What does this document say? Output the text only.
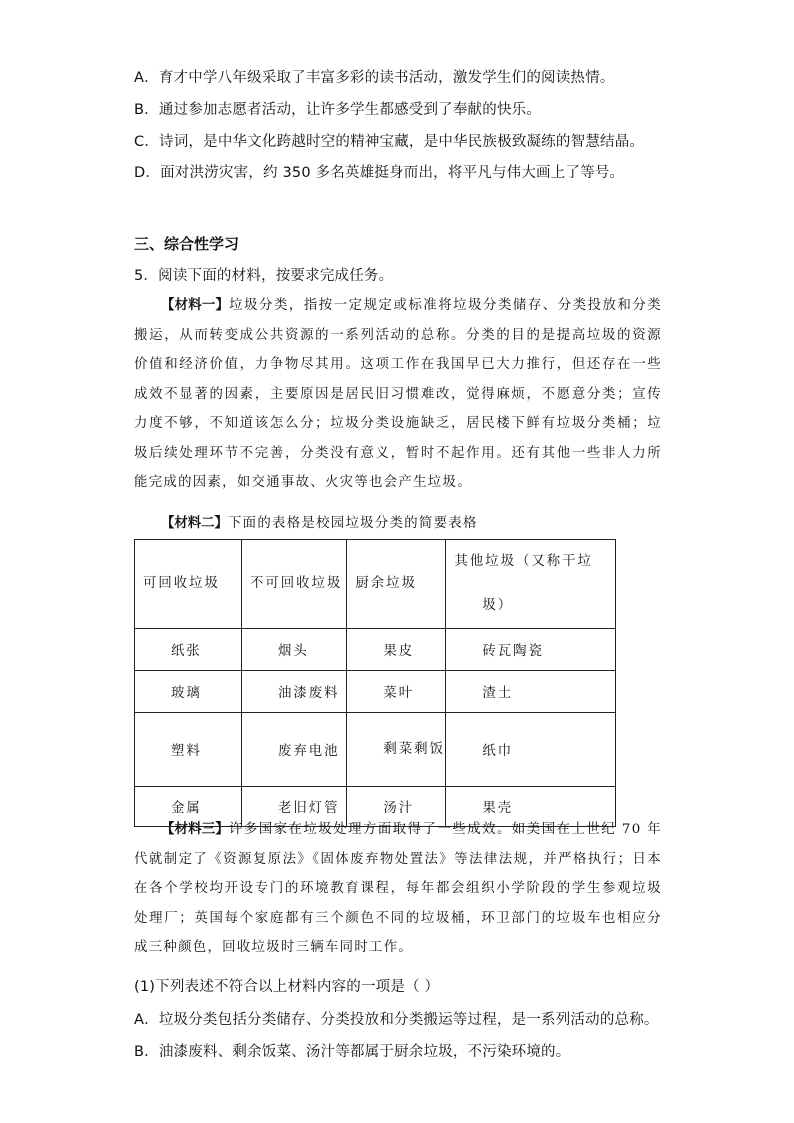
A．育才中学八年级采取了丰富多彩的读书活动，激发学生们的阅读热情。
B．通过参加志愿者活动，让许多学生都感受到了奉献的快乐。
C．诗词，是中华文化跨越时空的精神宝藏，是中华民族极致凝练的智慧结晶。
D．面对洪涝灾害，约 350 多名英雄挺身而出，将平凡与伟大画上了等号。
三、综合性学习
5．阅读下面的材料，按要求完成任务。
【材料一】垃圾分类，指按一定规定或标准将垃圾分类储存、分类投放和分类搬运，从而转变成公共资源的一系列活动的总称。分类的目的是提高垃圾的资源价值和经济价值，力争物尽其用。这项工作在我国早已大力推行，但还存在一些成效不显著的因素，主要原因是居民旧习惯难改，觉得麻烦，不愿意分类；宣传力度不够，不知道该怎么分；垃圾分类设施缺乏，居民楼下鲜有垃圾分类桶；垃圾后续处理环节不完善，分类没有意义，暂时不起作用。还有其他一些非人力所能完成的因素，如交通事故、火灾等也会产生垃圾。
【材料二】下面的表格是校园垃圾分类的简要表格
可回收垃圾	不可回收垃圾	厨余垃圾	其他垃圾（又称干垃圾）

纸张	烟头	果皮	砖瓦陶瓷
玻璃	油漆废料	菜叶	渣土
塑料	废弃电池	剩菜剩饭	纸巾
金属	老旧灯管	汤汁	果壳
【材料三】许多国家在垃圾处理方面取得了一些成效。如美国在上世纪 70 年代就制定了《资源复原法》《固体废弃物处置法》等法律法规，并严格执行；日本在各个学校均开设专门的环境教育课程，每年都会组织小学阶段的学生参观垃圾处理厂；英国每个家庭都有三个颜色不同的垃圾桶，环卫部门的垃圾车也相应分成三种颜色，回收垃圾时三辆车同时工作。
(1)下列表述不符合以上材料内容的一项是（ ）
A．垃圾分类包括分类储存、分类投放和分类搬运等过程，是一系列活动的总称。
B．油漆废料、剩余饭菜、汤汁等都属于厨余垃圾，不污染环境的。
